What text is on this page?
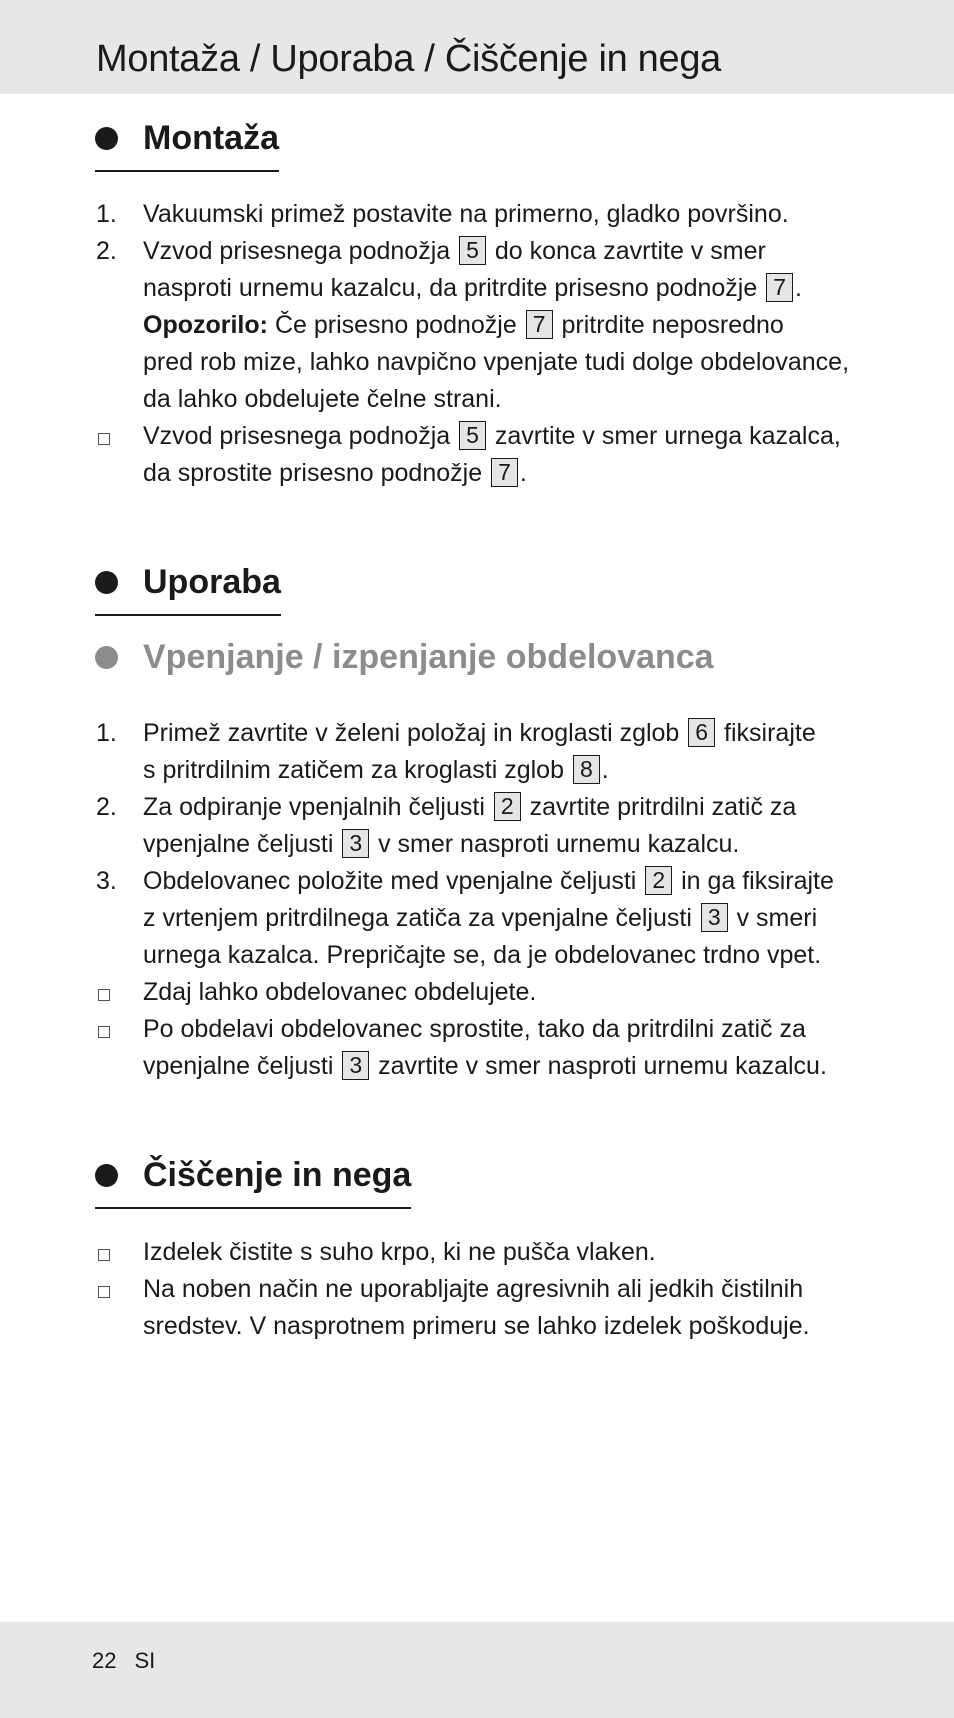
Montaža / Uporaba / Čiščenje in nega
Montaža
1. Vakuumski primež postavite na primerno, gladko površino.
2. Vzvod prisesnega podnožja 5 do konca zavrtite v smer
nasproti urnemu kazalcu, da pritrdite prisesno podnožje 7 .
Opozorilo: Če prisesno podnožje 7 pritrdite neposredno
pred rob mize, lahko navpično vpenjate tudi dolge obdelovance,
da lahko obdelujete čelne strani.
Vzvod prisesnega podnožja 5 zavrtite v smer urnega kazalca,
da sprostite prisesno podnožje 7 .
Uporaba
Vpenjanje / izpenjanje obdelovanca
1. Primež zavrtite v želeni položaj in kroglasti zglob 6 fiksirajte
s pritrdilnim zatičem za kroglasti zglob 8 .
2. Za odpiranje vpenjalnih čeljusti 2 zavrtite pritrdilni zatič za
vpenjalne čeljusti 3 v smer nasproti urnemu kazalcu.
3. Obdelovanec položite med vpenjalne čeljusti 2 in ga fiksirajte
z vrtenjem pritrdilnega zatiča za vpenjalne čeljusti 3 v smeri
urnega kazalca. Prepričajte se, da je obdelovanec trdno vpet.
Zdaj lahko obdelovanec obdelujete.
Po obdelavi obdelovanec sprostite, tako da pritrdilni zatič za
vpenjalne čeljusti 3 zavrtite v smer nasproti urnemu kazalcu.
Čiščenje in nega
Izdelek čistite s suho krpo, ki ne pušča vlaken.
Na noben način ne uporabljajte agresivnih ali jedkih čistilnih
sredstev. V nasprotnem primeru se lahko izdelek poškoduje.
22 SI
